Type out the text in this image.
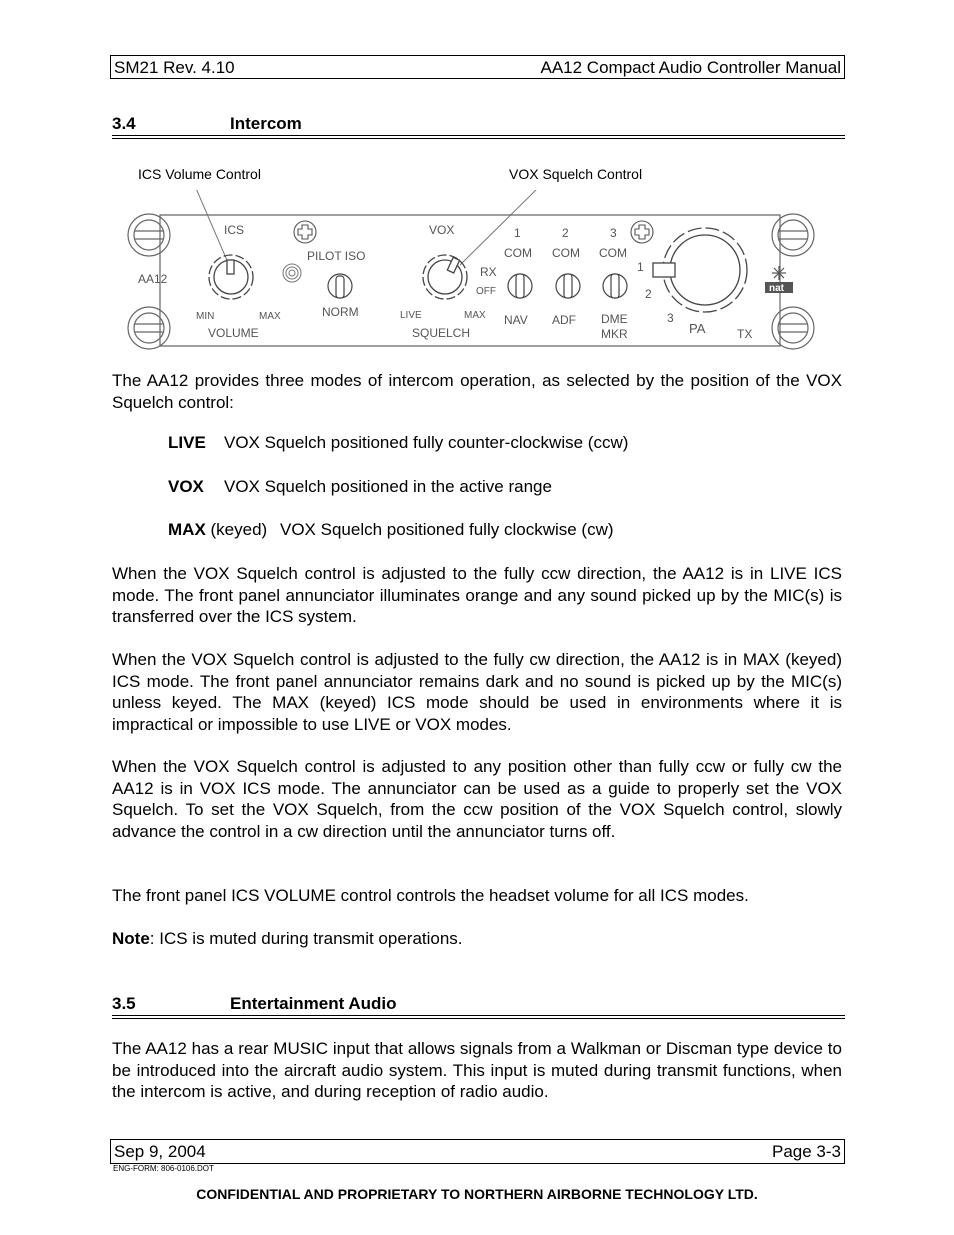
SM21 Rev. 4.10	AA12 Compact Audio Controller Manual
3.4	Intercom
ICS Volume Control	VOX Squelch Control
AA12
ICS
MIN	MAX
VOLUME
PILOT ISO
NORM
VOX
LIVE	MAX
SQUELCH
RX
OFF
1
COM
NAV
2
COM
ADF
3
COM
DME
MKR
1
2
3
PA	TX
nat

The AA12 provides three modes of intercom operation, as selected by the position of the VOX Squelch control:

LIVE VOX Squelch positioned fully counter-clockwise (ccw)
VOX VOX Squelch positioned in the active range
MAX (keyed) VOX Squelch positioned fully clockwise (cw)

When the VOX Squelch control is adjusted to the fully ccw direction, the AA12 is in LIVE ICS mode. The front panel annunciator illuminates orange and any sound picked up by the MIC(s) is transferred over the ICS system.

When the VOX Squelch control is adjusted to the fully cw direction, the AA12 is in MAX (keyed) ICS mode. The front panel annunciator remains dark and no sound is picked up by the MIC(s) unless keyed. The MAX (keyed) ICS mode should be used in environments where it is impractical or impossible to use LIVE or VOX modes.

When the VOX Squelch control is adjusted to any position other than fully ccw or fully cw the AA12 is in VOX ICS mode. The annunciator can be used as a guide to properly set the VOX Squelch. To set the VOX Squelch, from the ccw position of the VOX Squelch control, slowly advance the control in a cw direction until the annunciator turns off.

The front panel ICS VOLUME control controls the headset volume for all ICS modes.

Note: ICS is muted during transmit operations.

3.5	Entertainment Audio

The AA12 has a rear MUSIC input that allows signals from a Walkman or Discman type device to be introduced into the aircraft audio system. This input is muted during transmit functions, when the intercom is active, and during reception of radio audio.

Sep 9, 2004	Page 3-3
ENG-FORM: 806-0106.DOT
CONFIDENTIAL AND PROPRIETARY TO NORTHERN AIRBORNE TECHNOLOGY LTD.
